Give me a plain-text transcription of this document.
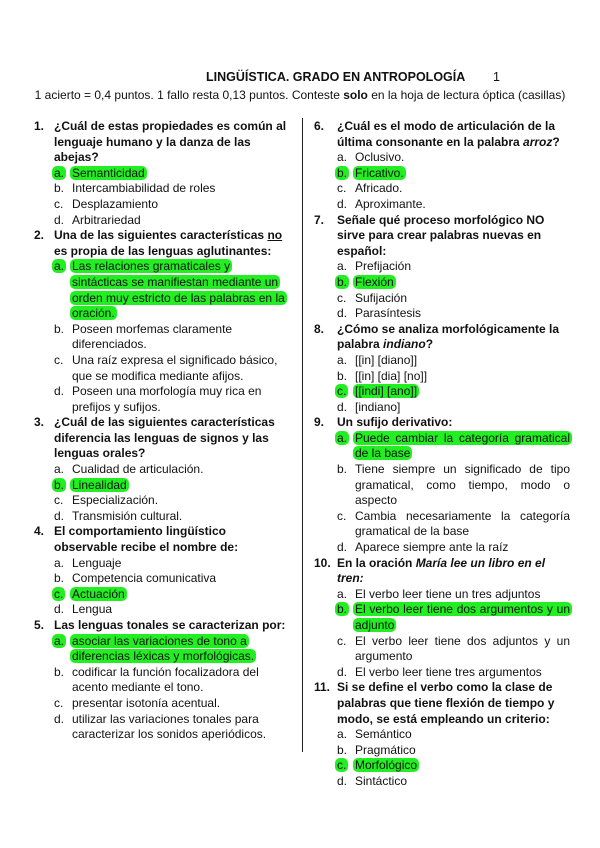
LINGÜÍSTICA. GRADO EN ANTROPOLOGÍA 1
1 acierto = 0,4 puntos. 1 fallo resta 0,13 puntos. Conteste solo en la hoja de lectura óptica (casillas)
1. ¿Cuál de estas propiedades es común al lenguaje humano y la danza de las abejas?
a. Semanticidad
b. Intercambiabilidad de roles
c. Desplazamiento
d. Arbitrariedad
2. Una de las siguientes características no es propia de las lenguas aglutinantes:
a. Las relaciones gramaticales y sintácticas se manifiestan mediante un orden muy estricto de las palabras en la oración.
b. Poseen morfemas claramente diferenciados.
c. Una raíz expresa el significado básico, que se modifica mediante afijos.
d. Poseen una morfología muy rica en prefijos y sufijos.
3. ¿Cuál de las siguientes características diferencia las lenguas de signos y las lenguas orales?
a. Cualidad de articulación.
b. Linealidad
c. Especialización.
d. Transmisión cultural.
4. El comportamiento lingüístico observable recibe el nombre de:
a. Lenguaje
b. Competencia comunicativa
c. Actuación
d. Lengua
5. Las lenguas tonales se caracterizan por:
a. asociar las variaciones de tono a diferencias léxicas y morfológicas.
b. codificar la función focalizadora del acento mediante el tono.
c. presentar isotonía acentual.
d. utilizar las variaciones tonales para caracterizar los sonidos aperiódicos.
6. ¿Cuál es el modo de articulación de la última consonante en la palabra arroz?
a. Oclusivo.
b. Fricativo.
c. Africado.
d. Aproximante.
7. Señale qué proceso morfológico NO sirve para crear palabras nuevas en español:
a. Prefijación
b. Flexión
c. Sufijación
d. Parasíntesis
8. ¿Cómo se analiza morfológicamente la palabra indiano?
a. [[in] [diano]]
b. [[in] [dia] [no]]
c. [[indi] [ano]]
d. [indiano]
9. Un sufijo derivativo:
a. Puede cambiar la categoría gramatical de la base
b. Tiene siempre un significado de tipo gramatical, como tiempo, modo o aspecto
c. Cambia necesariamente la categoría gramatical de la base
d. Aparece siempre ante la raíz
10. En la oración María lee un libro en el tren:
a. El verbo leer tiene un tres adjuntos
b. El verbo leer tiene dos argumentos y un adjunto
c. El verbo leer tiene dos adjuntos y un argumento
d. El verbo leer tiene tres argumentos
11. Si se define el verbo como la clase de palabras que tiene flexión de tiempo y modo, se está empleando un criterio:
a. Semántico
b. Pragmático
c. Morfológico
d. Sintáctico
